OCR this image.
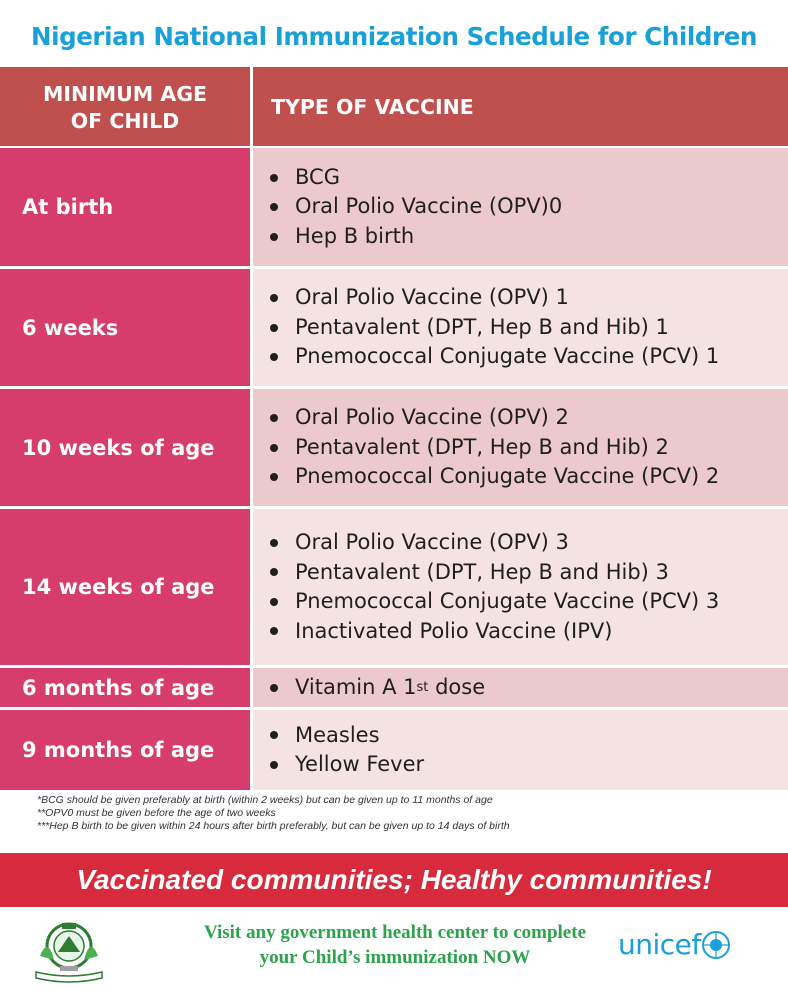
Nigerian National Immunization Schedule for Children
MINIMUM AGE
OF CHILD
TYPE OF VACCINE
At birth
BCG
Oral Polio Vaccine (OPV)0
Hep B birth
6 weeks
Oral Polio Vaccine (OPV) 1
Pentavalent (DPT, Hep B and Hib) 1
Pnemococcal Conjugate Vaccine (PCV) 1
10 weeks of age
Oral Polio Vaccine (OPV) 2
Pentavalent (DPT, Hep B and Hib) 2
Pnemococcal Conjugate Vaccine (PCV) 2
14 weeks of age
Oral Polio Vaccine (OPV) 3
Pentavalent (DPT, Hep B and Hib) 3
Pnemococcal Conjugate Vaccine (PCV) 3
Inactivated Polio Vaccine (IPV)
6 months of age	Vitamin A 1 st dose
9 months of age
Measles
Yellow Fever
*BCG should be given preferably at birth (within 2 weeks) but can be given up to 11 months of age
**OPV0 must be given before the age of two weeks
***Hep B birth to be given within 24 hours after birth preferably, but can be given up to 14 days of birth
Vaccinated communities; Healthy communities!
Visit any government health center to complete
your Child’s immunization NOW	unicef
